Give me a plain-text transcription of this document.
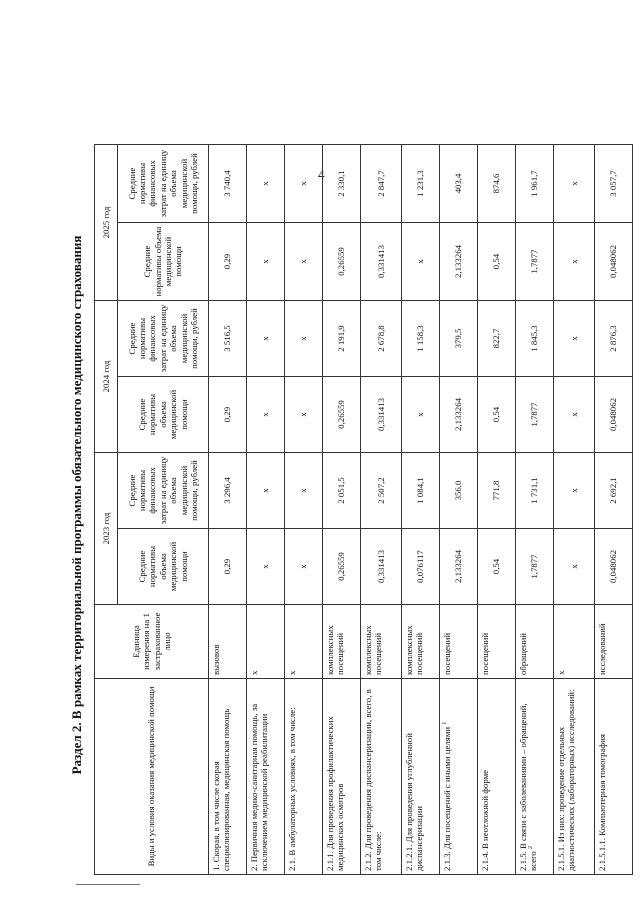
4
Раздел 2. В рамках территориальной программы обязательного медицинского страхования
Виды и условия оказания медицинской помощи	Единица измерения на 1 застрахованное лицо	2023 год		2024 год		2025 год	
		Средние нормативы объема медицинской помощи	Средние нормативы финансовых затрат на единицу объема медицинской помощи, рублей	Средние нормативы объема медицинской помощи	Средние нормативы финансовых затрат на единицу объема медицинской помощи, рублей	Средние нормативы объема медицинской помощи	Средние нормативы финансовых затрат на единицу объема медицинской помощи, рублей
1. Скорая, в том числе скорая специализированная, медицинская помощь	вызовов	0,29	3 296,4	0,29	3 516,5	0,29	3 740,4
2. Первичная медико-санитарная помощь, за исключением медицинской реабилитации	x	x	x	x	x	x	x
2.1. В амбулаторных условиях, в том числе:	x	x	x	x	x	x	x
2.1.1. Для проведения профилактических медицинских осмотров	комплексных посещений	0,26559	2 051,5	0,26559	2 191,9	0,26559	2 330,1
2.1.2. Для проведения диспансеризации, всего, в том числе:	комплексных посещений	0,331413	2 507,2	0,331413	2 678,8	0,331413	2 847,7
2.1.2.1. Для проведения углубленной диспансеризации	комплексных посещений	0,076117	1 084,1	x	1 158,3	x	1 231,3
2.1.3. Для посещений с иными целями $^1$	посещений	2,133264	356,0	2,133264	379,5	2,133264	403,4
2.1.4. В неотложной форме	посещений	0,54	771,8	0,54	822,7	0,54	874,6
2.1.5. В связи с заболеваниями – обращений, всего $^2$	обращений	1,7877	1 731,1	1,7877	1 845,3	1,7877	1 961,7
2.1.5.1. Из них: проведение отдельных диагностических (лабораторных) исследований:	x	x	x	x	x	x	x
2.1.5.1.1. Компьютерная томография	исследований	0,048062	2 692,1	0,048062	2 876,3	0,048062	3 057,7
